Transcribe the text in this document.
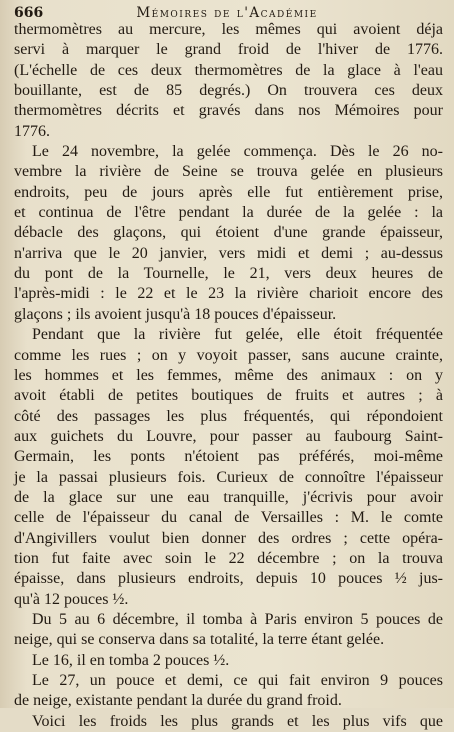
666	Mémoires de l'Académie
thermomètres au mercure, les mêmes qui avoient déja
servi à marquer le grand froid de l'hiver de 1776.
(L'échelle de ces deux thermomètres de la glace à l'eau
bouillante, est de 85 degrés.) On trouvera ces deux
thermomètres décrits et gravés dans nos Mémoires pour
1776.
Le 24 novembre, la gelée commença. Dès le 26 no-
vembre la rivière de Seine se trouva gelée en plusieurs
endroits, peu de jours après elle fut entièrement prise,
et continua de l'être pendant la durée de la gelée : la
débacle des glaçons, qui étoient d'une grande épaisseur,
n'arriva que le 20 janvier, vers midi et demi ; au-dessus
du pont de la Tournelle, le 21, vers deux heures de
l'après-midi : le 22 et le 23 la rivière charioit encore des
glaçons ; ils avoient jusqu'à 18 pouces d'épaisseur.
Pendant que la rivière fut gelée, elle étoit fréquentée
comme les rues ; on y voyoit passer, sans aucune crainte,
les hommes et les femmes, même des animaux : on y
avoit établi de petites boutiques de fruits et autres ; à
côté des passages les plus fréquentés, qui répondoient
aux guichets du Louvre, pour passer au faubourg Saint-
Germain, les ponts n'étoient pas préférés, moi-même
je la passai plusieurs fois. Curieux de connoître l'épaisseur
de la glace sur une eau tranquille, j'écrivis pour avoir
celle de l'épaisseur du canal de Versailles : M. le comte
d'Angivillers voulut bien donner des ordres ; cette opéra-
tion fut faite avec soin le 22 décembre ; on la trouva
épaisse, dans plusieurs endroits, depuis 10 pouces ½ jus-
qu'à 12 pouces ½.
Du 5 au 6 décembre, il tomba à Paris environ 5 pouces de
neige, qui se conserva dans sa totalité, la terre étant gelée.
Le 16, il en tomba 2 pouces ½.
Le 27, un pouce et demi, ce qui fait environ 9 pouces
de neige, existante pendant la durée du grand froid.
Voici les froids les plus grands et les plus vifs que
